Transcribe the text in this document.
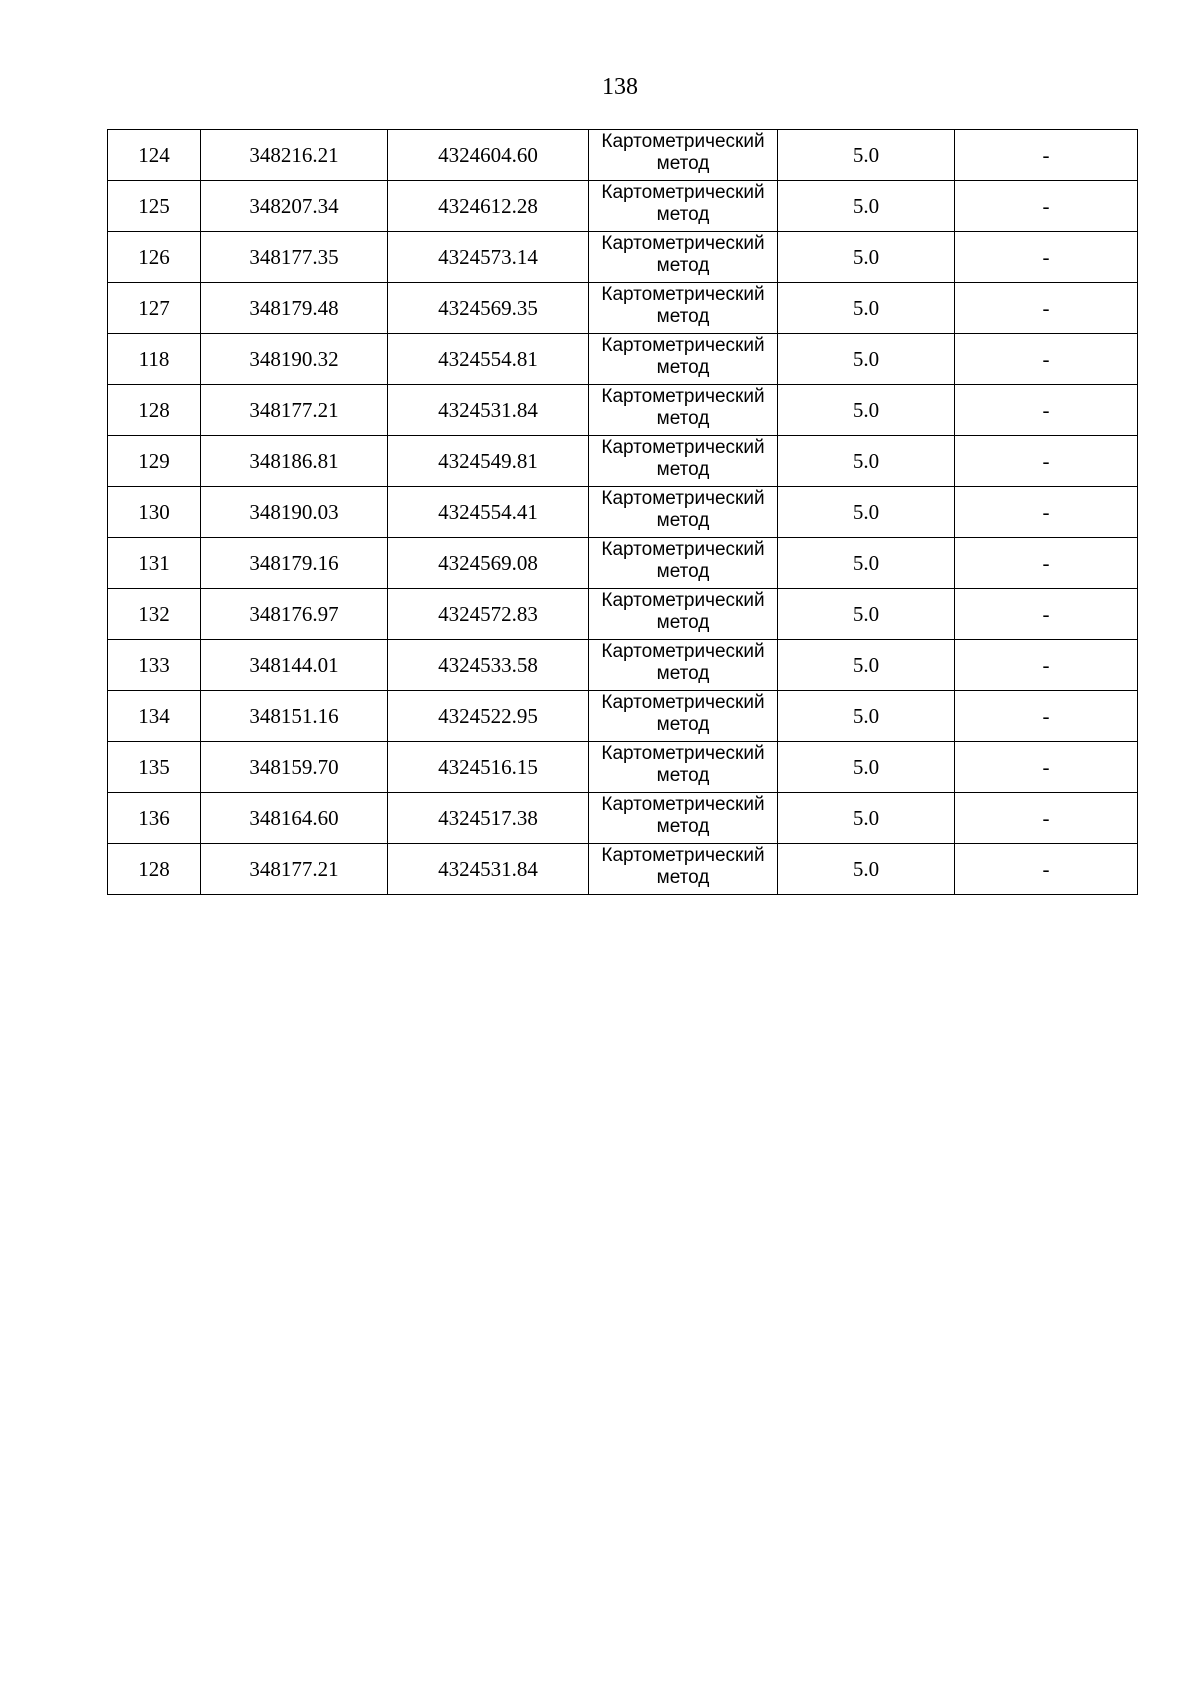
138
124	348216.21	4324604.60	Картометрический
метод	5.0	-
125	348207.34	4324612.28	Картометрический
метод	5.0	-
126	348177.35	4324573.14	Картометрический
метод	5.0	-
127	348179.48	4324569.35	Картометрический
метод	5.0	-
118	348190.32	4324554.81	Картометрический
метод	5.0	-
128	348177.21	4324531.84	Картометрический
метод	5.0	-
129	348186.81	4324549.81	Картометрический
метод	5.0	-
130	348190.03	4324554.41	Картометрический
метод	5.0	-
131	348179.16	4324569.08	Картометрический
метод	5.0	-
132	348176.97	4324572.83	Картометрический
метод	5.0	-
133	348144.01	4324533.58	Картометрический
метод	5.0	-
134	348151.16	4324522.95	Картометрический
метод	5.0	-
135	348159.70	4324516.15	Картометрический
метод	5.0	-
136	348164.60	4324517.38	Картометрический
метод	5.0	-
128	348177.21	4324531.84	Картометрический
метод	5.0	-
